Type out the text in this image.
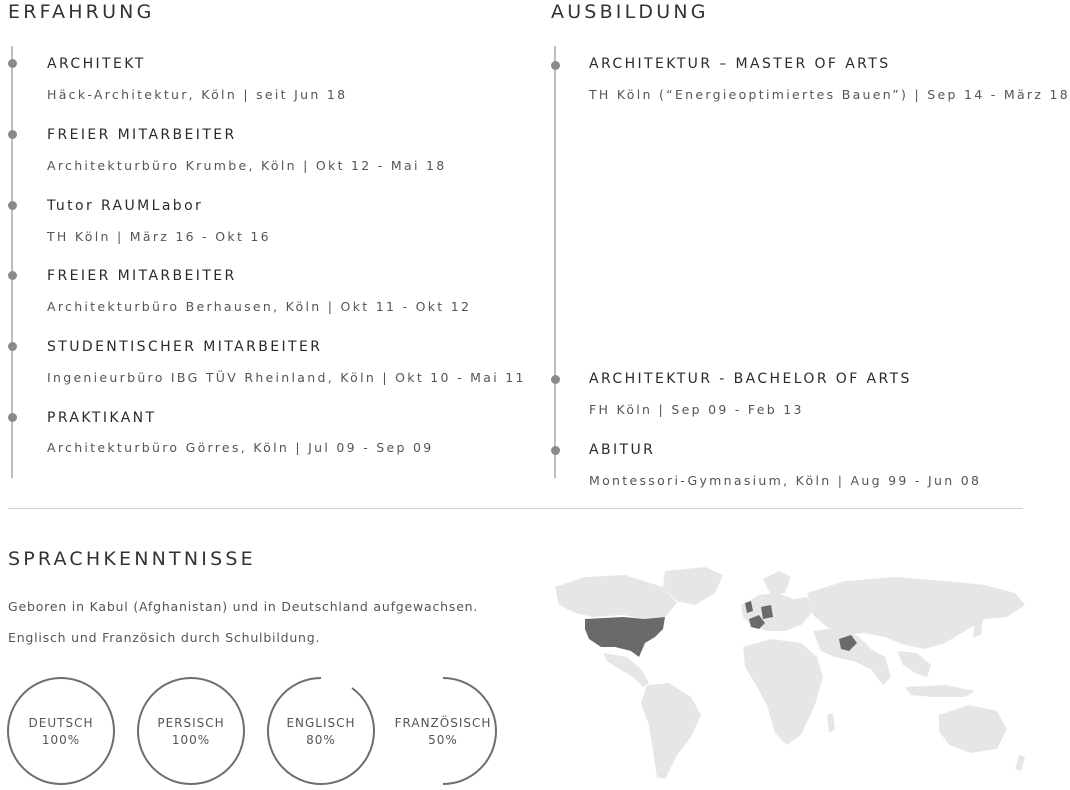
ERFAHRUNG
ARCHITEKT
Häck-Architektur, Köln | seit Jun 18
FREIER MITARBEITER
Architekturbüro Krumbe, Köln | Okt 12 - Mai 18
Tutor RAUMLabor
TH Köln | März 16 - Okt 16
FREIER MITARBEITER
Architekturbüro Berhausen, Köln | Okt 11 - Okt 12
STUDENTISCHER MITARBEITER
Ingenieurbüro IBG TÜV Rheinland, Köln | Okt 10 - Mai 11
PRAKTIKANT
Architekturbüro Görres, Köln | Jul 09 - Sep 09
AUSBILDUNG
ARCHITEKTUR – MASTER OF ARTS
TH Köln (“Energieoptimiertes Bauen”) | Sep 14 - März 18
ARCHITEKTUR - BACHELOR OF ARTS
FH Köln | Sep 09 - Feb 13
ABITUR
Montessori-Gymnasium, Köln | Aug 99 - Jun 08
SPRACHKENNTNISSE
Geboren in Kabul (Afghanistan) und in Deutschland aufgewachsen.
Englisch und Französich durch Schulbildung.
DEUTSCH
100%
PERSISCH
100%
ENGLISCH
80%
FRANZÖSISCH
50%
